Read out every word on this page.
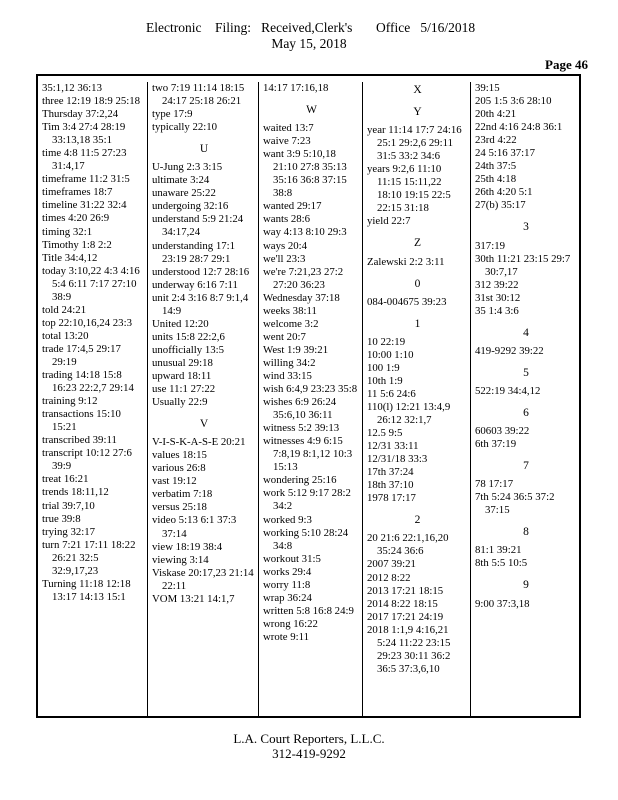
Electronic    Filing:   Received,Clerk's       Office   5/16/2018
May 15, 2018
Page 46
35:1,12 36:13
three 12:19 18:9 25:18
Thursday 37:2,24
Tim 3:4 27:4 28:19 33:13,18 35:1
time 4:8 11:5 27:23 31:4,17
timeframe 11:2 31:5
timeframes 18:7
timeline 31:22 32:4
times 4:20 26:9
timing 32:1
Timothy 1:8 2:2
Title 34:4,12
today 3:10,22 4:3 4:16 5:4 6:11 7:17 27:10 38:9
told 24:21
top 22:10,16,24 23:3
total 13:20
trade 17:4,5 29:17 29:19
trading 14:18 15:8 16:23 22:2,7 29:14
training 9:12
transactions 15:10 15:21
transcribed 39:11
transcript 10:12 27:6 39:9
treat 16:21
trends 18:11,12
trial 39:7,10
true 39:8
trying 32:17
turn 7:21 17:11 18:22 26:21 32:5 32:9,17,23
Turning 11:18 12:18 13:17 14:13 15:1
two 7:19 11:14 18:15 24:17 25:18 26:21
type 17:9
typically 22:10
U
U-Jung 2:3 3:15
ultimate 3:24
unaware 25:22
undergoing 32:16
understand 5:9 21:24 34:17,24
understanding 17:1 23:19 28:7 29:1
understood 12:7 28:16
underway 6:16 7:11
unit 2:4 3:16 8:7 9:1,4 14:9
United 12:20
units 15:8 22:2,6
unofficially 13:5
unusual 29:18
upward 18:11
use 11:1 27:22
Usually 22:9
V
V-I-S-K-A-S-E 20:21
values 18:15
various 26:8
vast 19:12
verbatim 7:18
versus 25:18
video 5:13 6:1 37:3 37:14
view 18:19 38:4
viewing 3:14
Viskase 20:17,23 21:14 22:11
VOM 13:21 14:1,7
14:17 17:16,18
W
waited 13:7
waive 7:23
want 3:9 5:10,18 21:10 27:8 35:13 35:16 36:8 37:15 38:8
wanted 29:17
wants 28:6
way 4:13 8:10 29:3
ways 20:4
we'll 23:3
we're 7:21,23 27:2 27:20 36:23
Wednesday 37:18
weeks 38:11
welcome 3:2
went 20:7
West 1:9 39:21
willing 34:2
wind 33:15
wish 6:4,9 23:23 35:8
wishes 6:9 26:24 35:6,10 36:11
witness 5:2 39:13
witnesses 4:9 6:15 7:8,19 8:1,12 10:3 15:13
wondering 25:16
work 5:12 9:17 28:2 34:2
worked 9:3
working 5:10 28:24 34:8
workout 31:5
works 29:4
worry 11:8
wrap 36:24
written 5:8 16:8 24:9
wrong 16:22
wrote 9:11
X
Y
year 11:14 17:7 24:16 25:1 29:2,6 29:11 31:5 33:2 34:6
years 9:2,6 11:10 11:15 15:11,22 18:10 19:15 22:5 22:15 31:18
yield 22:7
Z
Zalewski 2:2 3:11
0
084-004675 39:23
1
10 22:19
10:00 1:10
100 1:9
10th 1:9
11 5:6 24:6
110(l) 12:21 13:4,9 26:12 32:1,7
12.5 9:5
12/31 33:11
12/31/18 33:3
17th 37:24
18th 37:10
1978 17:17
2
20 21:6 22:1,16,20 35:24 36:6
2007 39:21
2012 8:22
2013 17:21 18:15
2014 8:22 18:15
2017 17:21 24:19
2018 1:1,9 4:16,21 5:24 11:22 23:15 29:23 30:11 36:2 36:5 37:3,6,10
39:15
205 1:5 3:6 28:10
20th 4:21
22nd 4:16 24:8 36:1
23rd 4:22
24 5:16 37:17
24th 37:5
25th 4:18
26th 4:20 5:1
27(b) 35:17
3
317:19
30th 11:21 23:15 29:7 30:7,17
312 39:22
31st 30:12
35 1:4 3:6
4
419-9292 39:22
5
522:19 34:4,12
6
60603 39:22
6th 37:19
7
78 17:17
7th 5:24 36:5 37:2 37:15
8
81:1 39:21
8th 5:5 10:5
9
9:00 37:3,18
L.A. Court Reporters, L.L.C.
312-419-9292
